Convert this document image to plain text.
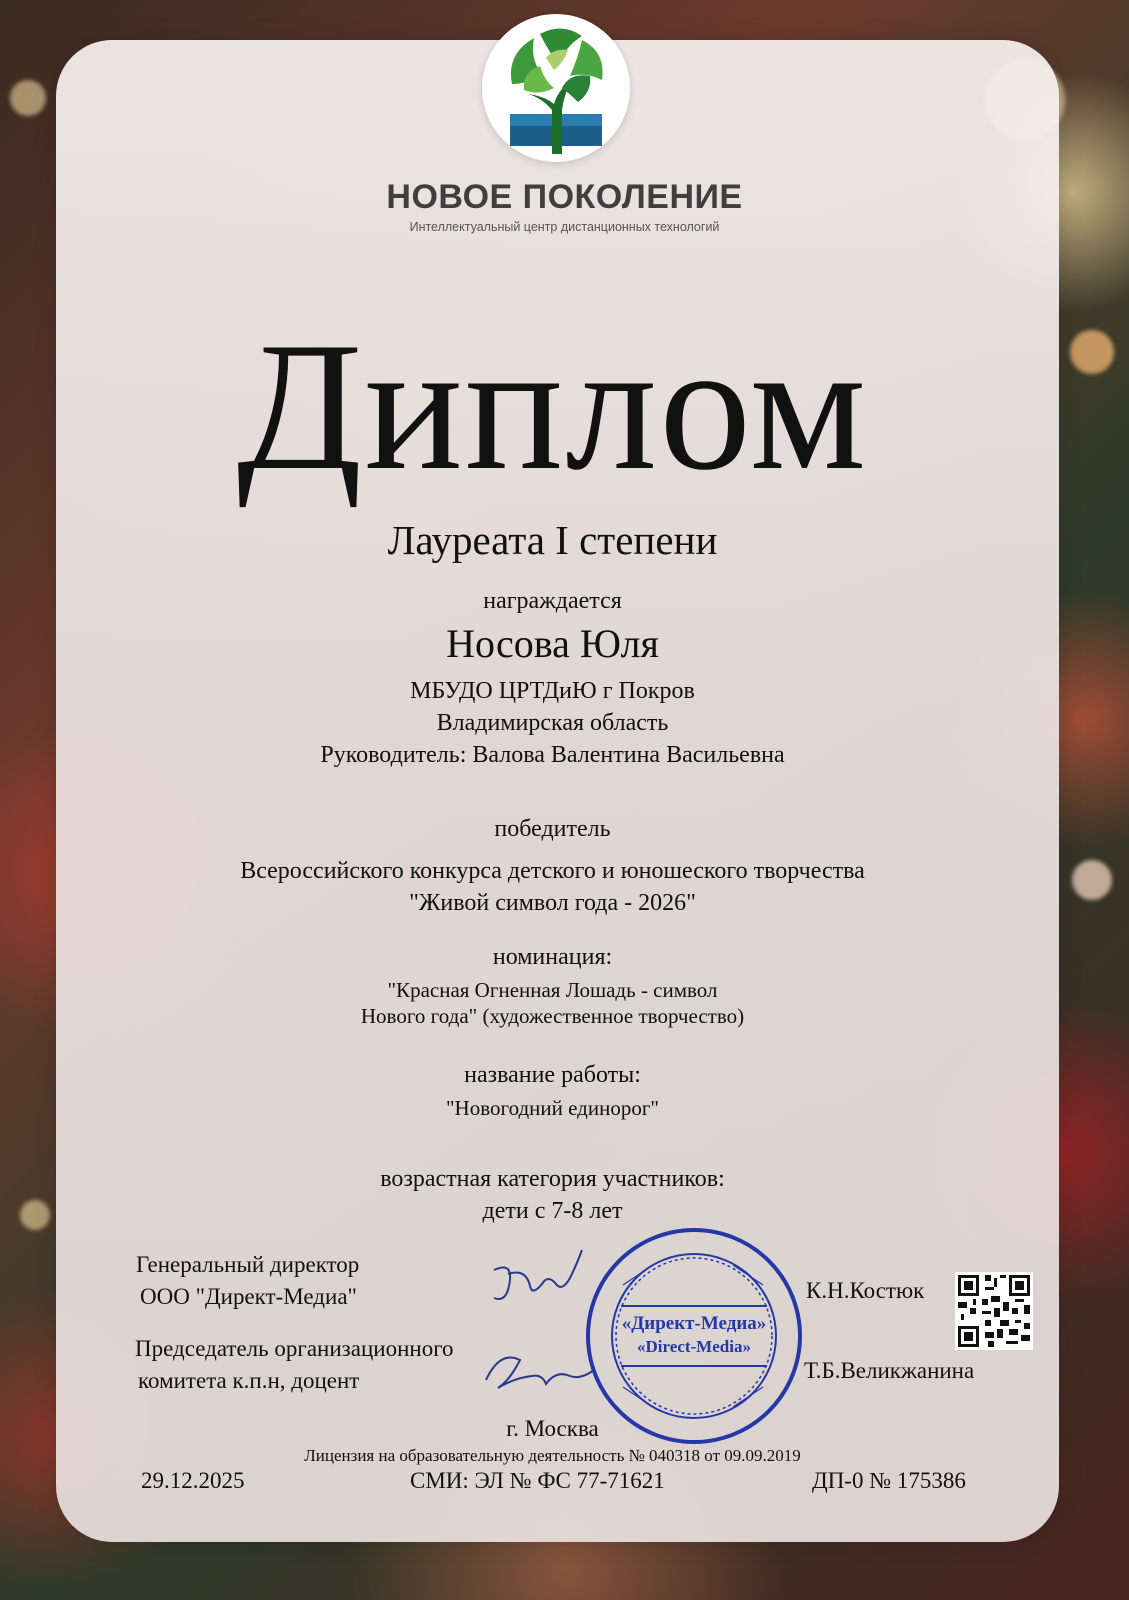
НОВОЕ ПОКОЛЕНИЕ
Интеллектуальный центр дистанционных технологий
Диплом
Лауреата I степени
награждается
Носова Юля
МБУДО ЦРТДиЮ г Покров
Владимирская область
Руководитель: Валова Валентина Васильевна
победитель
Всероссийского конкурса детского и юношеского творчества
"Живой символ года - 2026"
номинация:
"Красная Огненная Лошадь - символ
Нового года" (художественное творчество)
название работы:
"Новогодний единорог"
возрастная категория участников:
дети с 7-8 лет
Генеральный директор
ООО "Директ-Медиа"
Председатель организационного
комитета к.п.н, доцент
«Директ-Медиа»
«Direct-Media»
К.Н.Костюк
Т.Б.Великжанина
г. Москва
Лицензия на образовательную деятельность № 040318 от 09.09.2019
29.12.2025	СМИ: ЭЛ № ФС 77-71621	ДП-0 № 175386
